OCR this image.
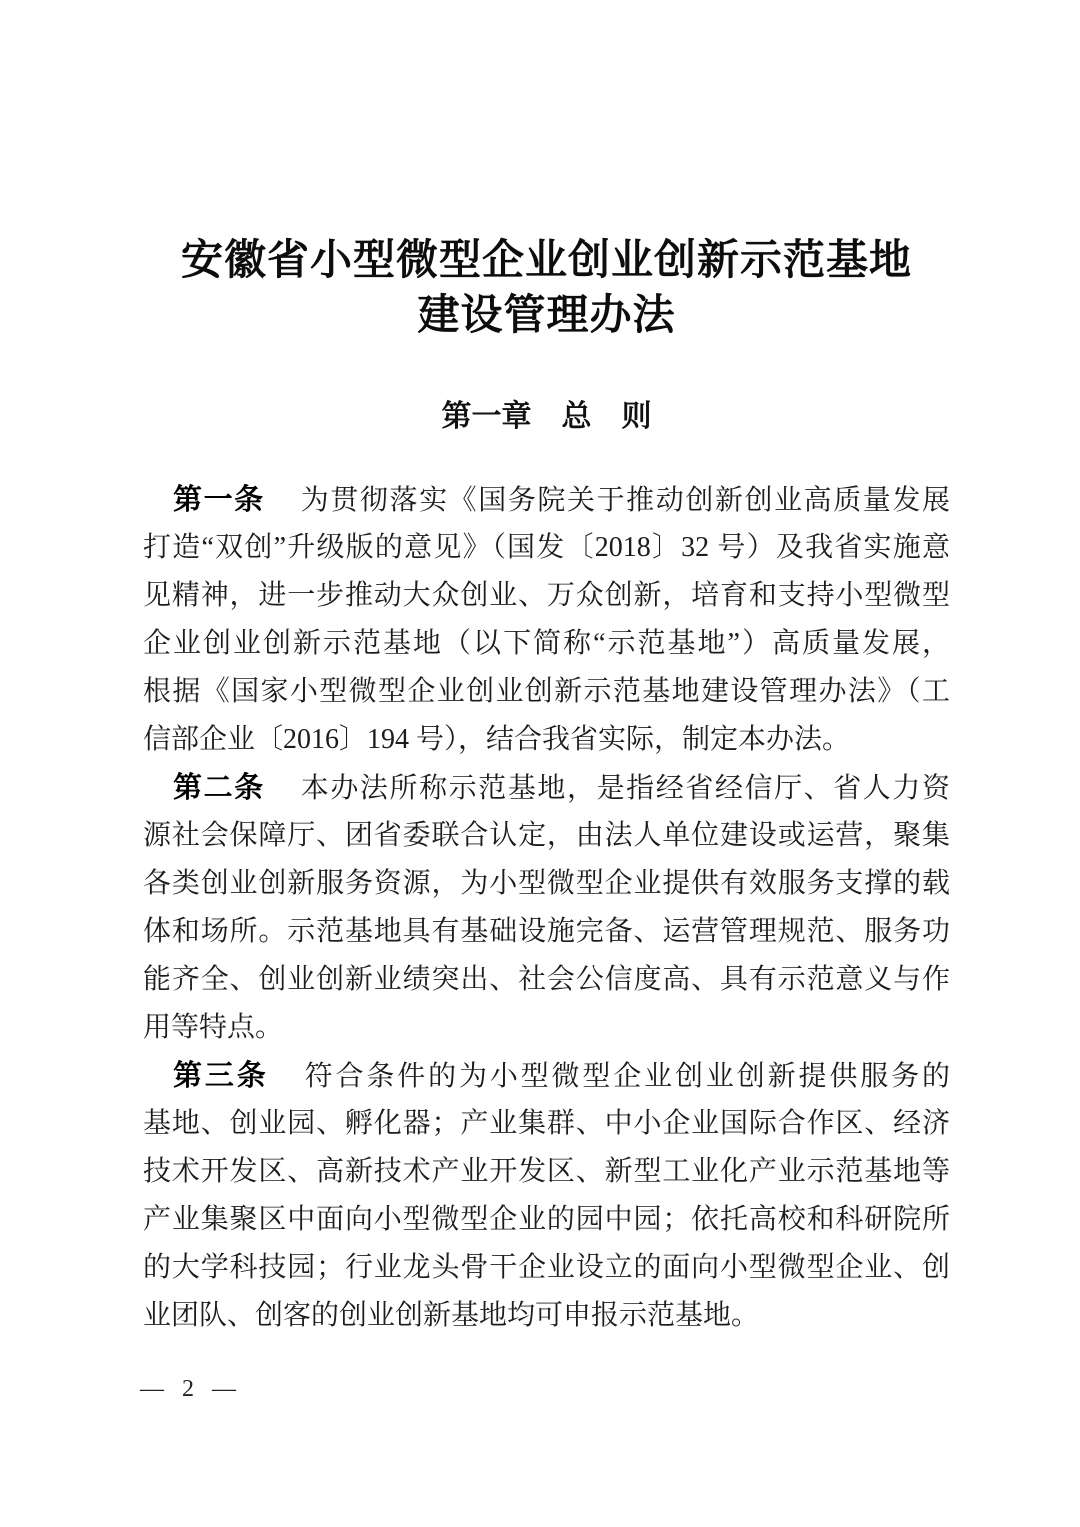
安徽省小型微型企业创业创新示范基地
建设管理办法
第一章　总　则
第一条 为贯彻落实《国务院关于推动创新创业高质量发展
打造“双创”升级版的意见》（国发〔2018〕32 号）及我省实施意
见精神，进一步推动大众创业、万众创新，培育和支持小型微型
企业创业创新示范基地（以下简称“示范基地”）高质量发展，
根据《国家小型微型企业创业创新示范基地建设管理办法》（工
信部企业〔2016〕194 号），结合我省实际，制定本办法。
第二条 本办法所称示范基地，是指经省经信厅、省人力资
源社会保障厅、团省委联合认定，由法人单位建设或运营，聚集
各类创业创新服务资源，为小型微型企业提供有效服务支撑的载
体和场所。示范基地具有基础设施完备、运营管理规范、服务功
能齐全、创业创新业绩突出、社会公信度高、具有示范意义与作
用等特点。
第三条 符合条件的为小型微型企业创业创新提供服务的
基地、创业园、孵化器；产业集群、中小企业国际合作区、经济
技术开发区、高新技术产业开发区、新型工业化产业示范基地等
产业集聚区中面向小型微型企业的园中园；依托高校和科研院所
的大学科技园；行业龙头骨干企业设立的面向小型微型企业、创
业团队、创客的创业创新基地均可申报示范基地。
— 2 —
